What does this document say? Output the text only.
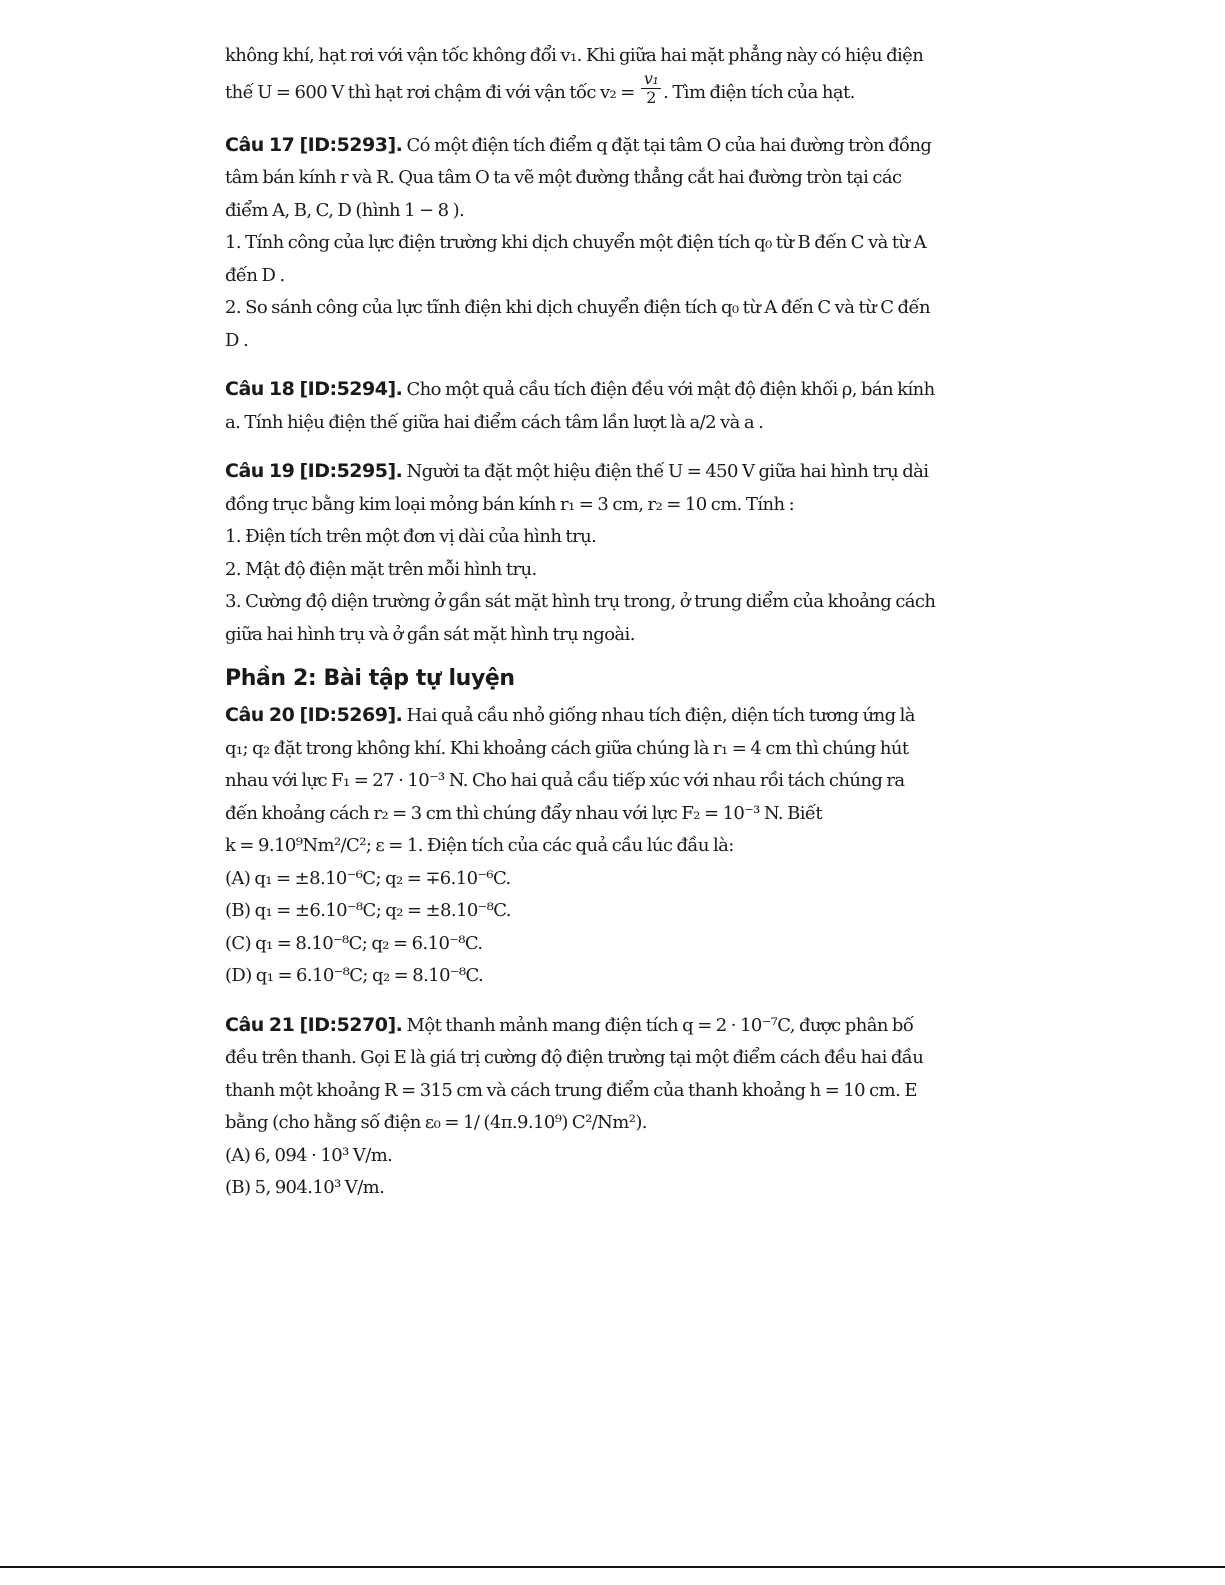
không khí, hạt rơi với vận tốc không đổi v₁. Khi giữa hai mặt phẳng này có hiệu điện

thế U = 600 V thì hạt rơi chậm đi với vận tốc $v_2 = \frac{\text{v₁}}{2}$ . Tìm điện tích của hạt.

Câu 17 [ID:5293]. Có một điện tích điểm q đặt tại tâm O của hai đường tròn đồng

tâm bán kính r và R. Qua tâm O ta vẽ một đường thẳng cắt hai đường tròn tại các

điểm A, B, C, D (hình 1 − 8 ).

1. Tính công của lực điện trường khi dịch chuyển một điện tích q₀ từ B đến C và từ A

đến D .

2. So sánh công của lực tĩnh điện khi dịch chuyển điện tích q₀ từ A đến C và từ C đến

D .

Câu 18 [ID:5294]. Cho một quả cầu tích điện đều với mật độ điện khối ρ, bán kính

a. Tính hiệu điện thế giữa hai điểm cách tâm lần lượt là a/2 và a .

Câu 19 [ID:5295]. Người ta đặt một hiệu điện thế U = 450 V giữa hai hình trụ dài

đồng trục bằng kim loại mỏng bán kính r₁ = 3 cm, r₂ = 10 cm. Tính :

1. Điện tích trên một đơn vị dài của hình trụ.

2. Mật độ điện mặt trên mỗi hình trụ.

3. Cường độ diện trường ở gần sát mặt hình trụ trong, ở trung diểm của khoảng cách

giữa hai hình trụ và ở gần sát mặt hình trụ ngoài.

Phần 2: Bài tập tự luyện

Câu 20 [ID:5269]. Hai quả cầu nhỏ giống nhau tích điện, diện tích tương ứng là

q₁; q₂ đặt trong không khí. Khi khoảng cách giữa chúng là r₁ = 4 cm thì chúng hút

nhau với lực F₁ = 27 · 10⁻³ N. Cho hai quả cầu tiếp xúc với nhau rồi tách chúng ra

đến khoảng cách r₂ = 3 cm thì chúng đẩy nhau với lực F₂ = 10⁻³ N. Biết

k = 9.10⁹Nm²/C²; ε = 1. Điện tích của các quả cầu lúc đầu là:

(A) q₁ = ±8.10⁻⁶C; q₂ = ∓6.10⁻⁶C.

(B) q₁ = ±6.10⁻⁸C; q₂ = ±8.10⁻⁸C.

(C) q₁ = 8.10⁻⁸C; q₂ = 6.10⁻⁸C.

(D) q₁ = 6.10⁻⁸C; q₂ = 8.10⁻⁸C.

Câu 21 [ID:5270]. Một thanh mảnh mang điện tích q = 2 · 10⁻⁷C, được phân bố

đều trên thanh. Gọi E là giá trị cường độ điện trường tại một điểm cách đều hai đầu

thanh một khoảng R = 315 cm và cách trung điểm của thanh khoảng h = 10 cm. E

bằng (cho hằng số điện ε₀ = 1/ (4π.9.10⁹) C²/Nm²).

(A) 6, 094 · 10³ V/m.

(B) 5, 904.10³ V/m.
